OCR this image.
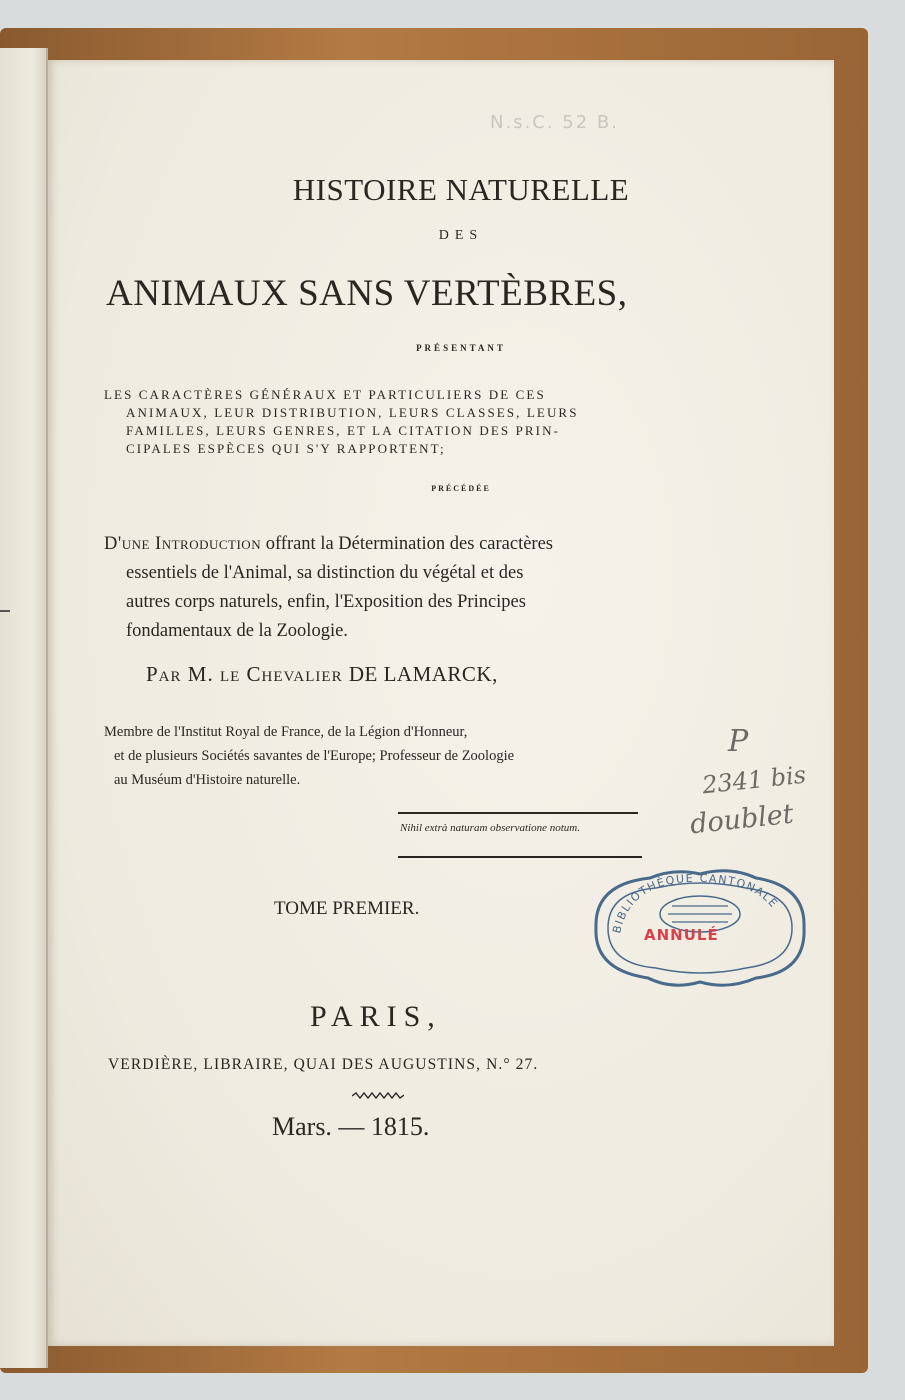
N.s.C. 52 B.
HISTOIRE NATURELLE
DES
ANIMAUX SANS VERTÈBRES,
PRÉSENTANT
LES CARACTÈRES GÉNÉRAUX ET PARTICULIERS DE CES
ANIMAUX, LEUR DISTRIBUTION, LEURS CLASSES, LEURS
FAMILLES, LEURS GENRES, ET LA CITATION DES PRIN-
CIPALES ESPÈCES QUI S'Y RAPPORTENT;
PRÉCÉDÉE
D'une Introduction offrant la Détermination des caractères
essentiels de l'Animal, sa distinction du végétal et des
autres corps naturels, enfin, l'Exposition des Principes
fondamentaux de la Zoologie.
Par M. le Chevalier DE LAMARCK,
Membre de l'Institut Royal de France, de la Légion d'Honneur,
et de plusieurs Sociétés savantes de l'Europe; Professeur de Zoologie
au Muséum d'Histoire naturelle.
Nihil extrà naturam observatione notum.
TOME PREMIER.
PARIS,
VERDIÈRE, LIBRAIRE, QUAI DES AUGUSTINS, N.° 27.
Mars. — 1815.
P
2341 bis
doublet
BIBLIOTHÈQUE CANTONALE
ANNULÉ
